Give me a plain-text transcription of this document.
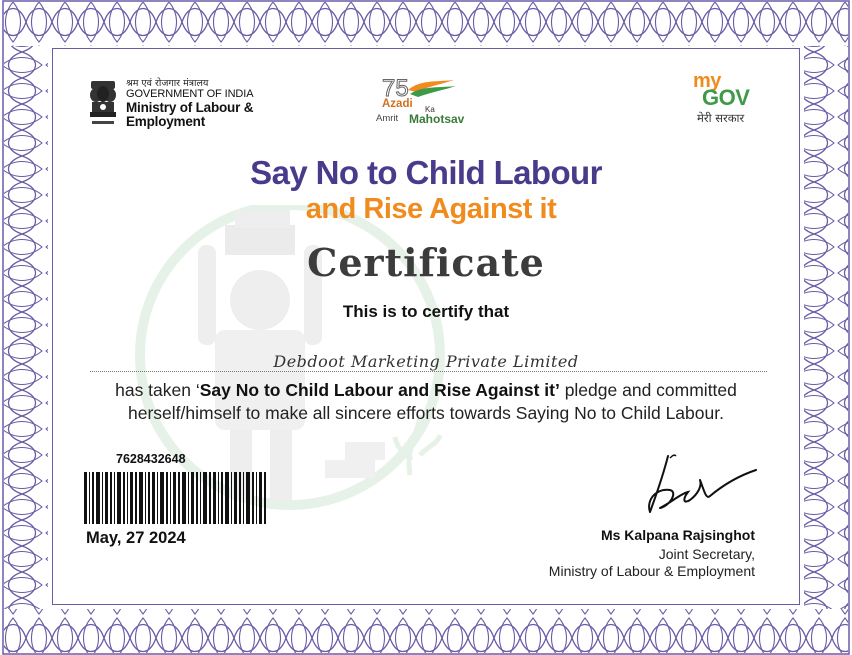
श्रम एवं रोजगार मंत्रालय
GOVERNMENT OF INDIA
Ministry of Labour &
Employment
75
Azadi Ka
Amrit Mahotsav
my
GOV
मेरी सरकार
Say No to Child Labour
and Rise Against it
Certificate
This is to certify that
Debdoot Marketing Private Limited
has taken ‘Say No to Child Labour and Rise Against it’ pledge and committed
herself/himself to make all sincere efforts towards Saying No to Child Labour.
7628432648
May, 27 2024	Ms Kalpana Rajsinghot
Joint Secretary,
Ministry of Labour & Employment
